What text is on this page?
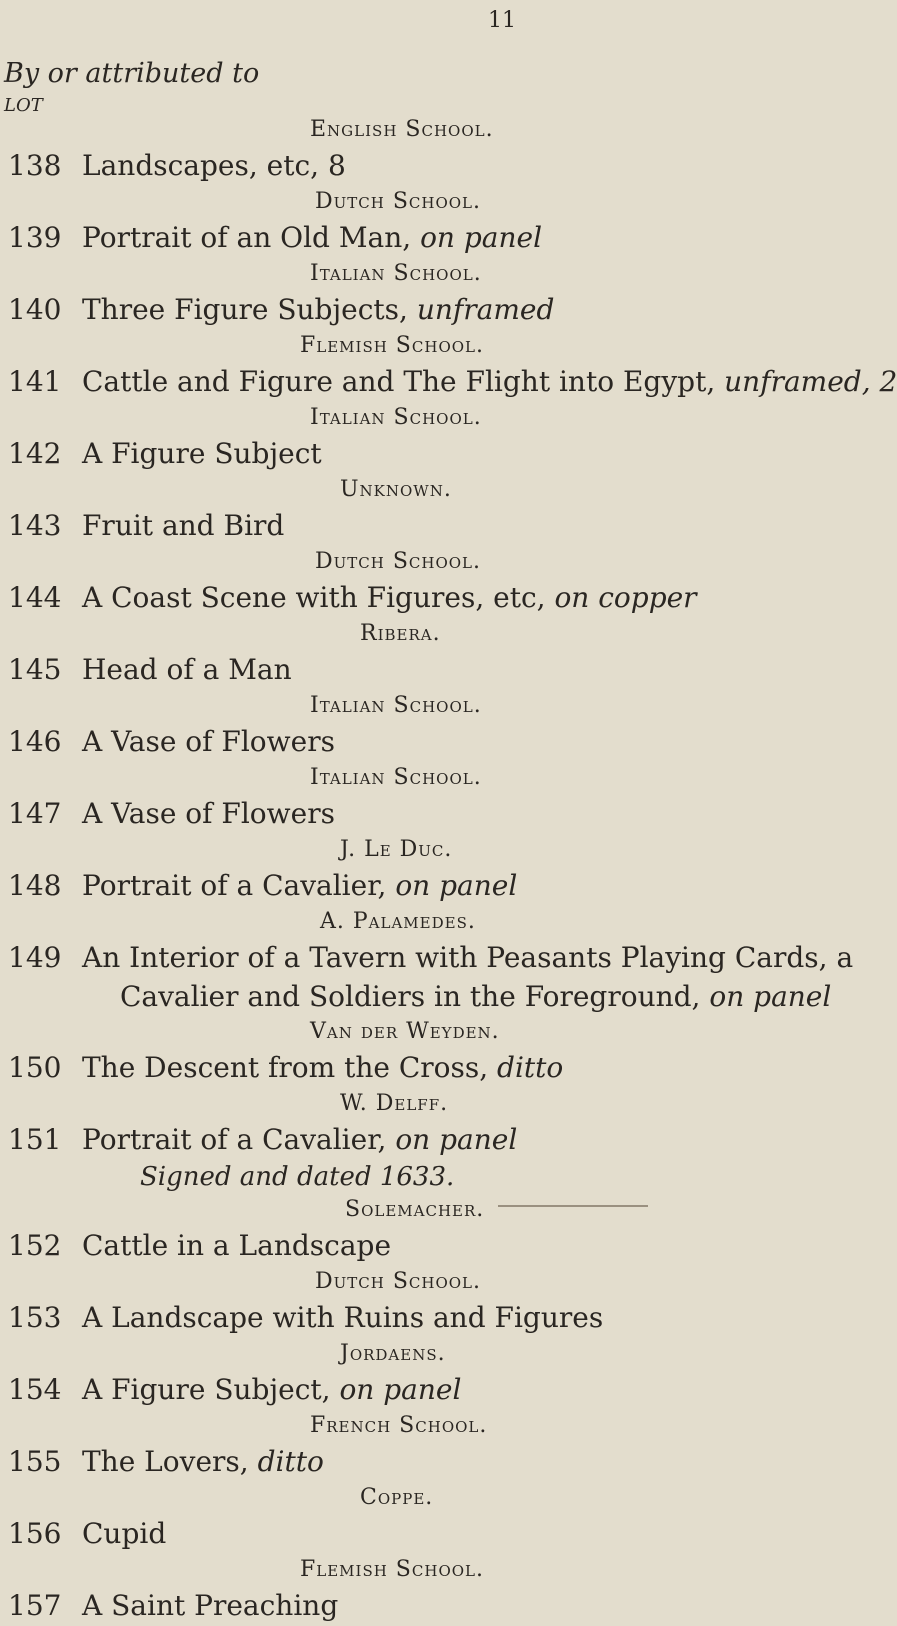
11
By or attributed to
LOT
English School.
138 Landscapes, etc, 8
Dutch School.
139 Portrait of an Old Man, on panel
Italian School.
140 Three Figure Subjects, unframed
Flemish School.
141 Cattle and Figure and The Flight into Egypt, unframed, 2
Italian School.
142 A Figure Subject
Unknown.
143 Fruit and Bird
Dutch School.
144 A Coast Scene with Figures, etc, on copper
Ribera.
145 Head of a Man
Italian School.
146 A Vase of Flowers
Italian School.
147 A Vase of Flowers
J. Le Duc.
148 Portrait of a Cavalier, on panel
A. Palamedes.
149 An Interior of a Tavern with Peasants Playing Cards, a
Cavalier and Soldiers in the Foreground, on panel
Van der Weyden.
150 The Descent from the Cross, ditto
W. Delff.
151 Portrait of a Cavalier, on panel
Signed and dated 1633.
Solemacher.
152 Cattle in a Landscape
Dutch School.
153 A Landscape with Ruins and Figures
Jordaens.
154 A Figure Subject, on panel
French School.
155 The Lovers, ditto
Coppe.
156 Cupid
Flemish School.
157 A Saint Preaching
